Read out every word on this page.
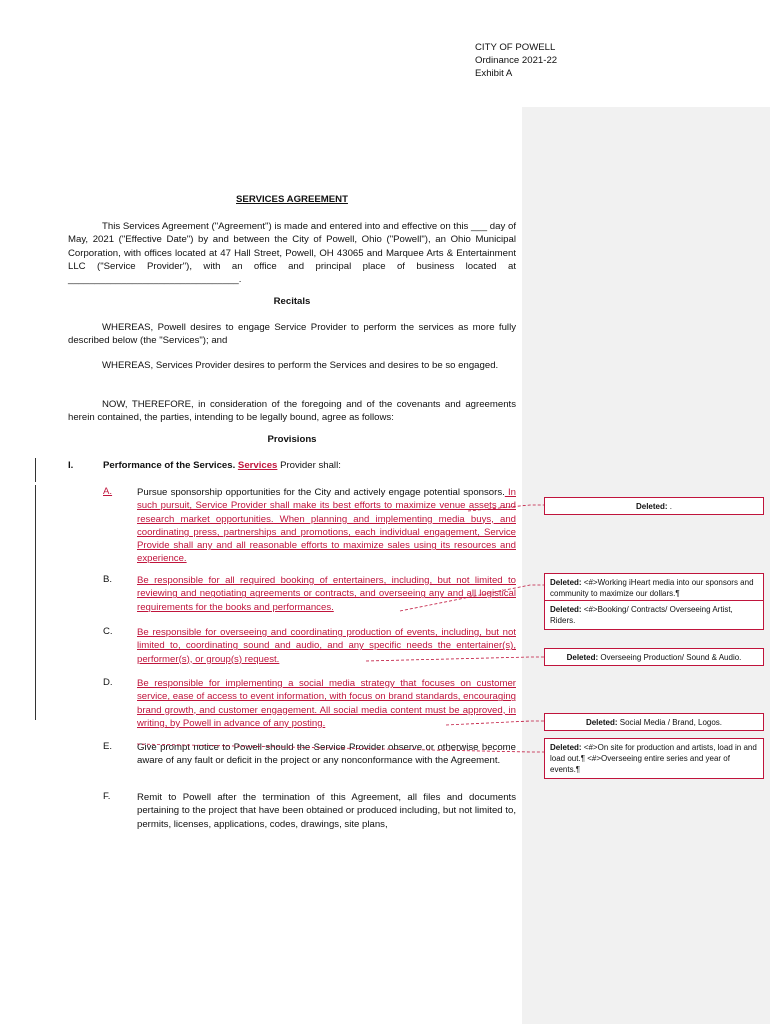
CITY OF POWELL
Ordinance 2021-22
Exhibit A
SERVICES AGREEMENT
This Services Agreement ("Agreement") is made and entered into and effective on this ___ day of May, 2021 ("Effective Date") by and between the City of Powell, Ohio ("Powell"), an Ohio Municipal Corporation, with offices located at 47 Hall Street, Powell, OH 43065 and Marquee Arts & Entertainment LLC ("Service Provider"), with an office and principal place of business located at ________________________________.
Recitals
WHEREAS, Powell desires to engage Service Provider to perform the services as more fully described below (the "Services"); and
WHEREAS, Services Provider desires to perform the Services and desires to be so engaged.
NOW, THEREFORE, in consideration of the foregoing and of the covenants and agreements herein contained, the parties, intending to be legally bound, agree as follows:
Provisions
I.	Performance of the Services. Services Provider shall:
A.	Pursue sponsorship opportunities for the City and actively engage potential sponsors. In such pursuit, Service Provider shall make its best efforts to maximize venue assets and research market opportunities. When planning and implementing media buys, and coordinating press, partnerships and promotions, each individual engagement, Service Provide shall any and all reasonable efforts to maximize sales using its resources and experience.
B.	Be responsible for all required booking of entertainers, including, but not limited to reviewing and negotiating agreements or contracts, and overseeing any and all logistical requirements for the books and performances.
C.	Be responsible for overseeing and coordinating production of events, including, but not limited to, coordinating sound and audio, and any specific needs the entertainer(s), performer(s), or group(s) request.
D.	Be responsible for implementing a social media strategy that focuses on customer service, ease of access to event information, with focus on brand standards, encouraging brand growth, and customer engagement. All social media content must be approved, in writing, by Powell in advance of any posting.
E.	Give prompt notice to Powell should the Service Provider observe or otherwise become aware of any fault or deficit in the project or any nonconformance with the Agreement.
F.	Remit to Powell after the termination of this Agreement, all files and documents pertaining to the project that have been obtained or produced including, but not limited to, permits, licenses, applications, codes, drawings, site plans,
Deleted: .
Deleted: <#>Working iHeart media into our sponsors and community to maximize our dollars.¶
Deleted: <#>Booking/ Contracts/ Overseeing Artist, Riders.
Deleted: Overseeing Production/ Sound & Audio.
Deleted: Social Media / Brand, Logos.
Deleted: <#>On site for production and artists, load in and load out.¶ <#>Overseeing entire series and year of events.¶
